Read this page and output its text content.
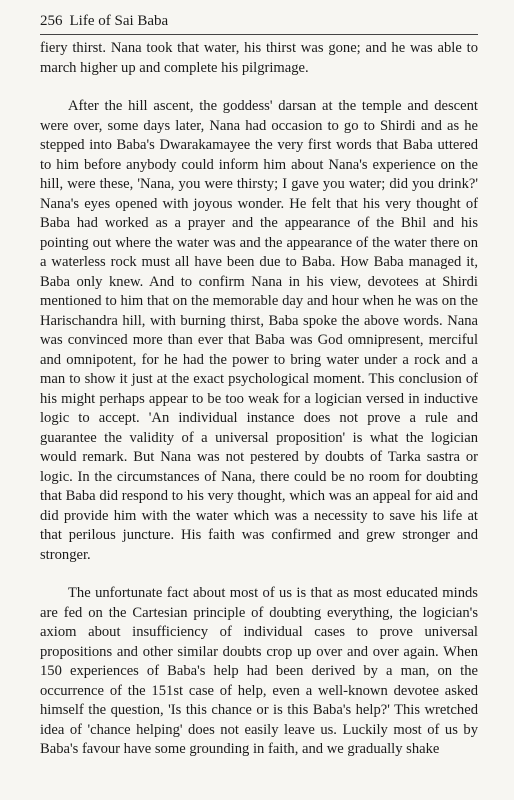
256 Life of Sai Baba

fiery thirst. Nana took that water, his thirst was gone; and he was able to march higher up and complete his pilgrimage.

After the hill ascent, the goddess' darsan at the temple and descent were over, some days later, Nana had occasion to go to Shirdi and as he stepped into Baba's Dwarakamayee the very first words that Baba uttered to him before anybody could inform him about Nana's experience on the hill, were these, 'Nana, you were thirsty; I gave you water; did you drink?' Nana's eyes opened with joyous wonder. He felt that his very thought of Baba had worked as a prayer and the appearance of the Bhil and his pointing out where the water was and the appearance of the water there on a waterless rock must all have been due to Baba. How Baba managed it, Baba only knew. And to confirm Nana in his view, devotees at Shirdi mentioned to him that on the memorable day and hour when he was on the Harischandra hill, with burning thirst, Baba spoke the above words. Nana was convinced more than ever that Baba was God omnipresent, merciful and omnipotent, for he had the power to bring water under a rock and a man to show it just at the exact psychological moment. This conclusion of his might perhaps appear to be too weak for a logician versed in inductive logic to accept. 'An individual instance does not prove a rule and guarantee the validity of a universal proposition' is what the logician would remark. But Nana was not pestered by doubts of Tarka sastra or logic. In the circumstances of Nana, there could be no room for doubting that Baba did respond to his very thought, which was an appeal for aid and did provide him with the water which was a necessity to save his life at that perilous juncture. His faith was confirmed and grew stronger and stronger.

The unfortunate fact about most of us is that as most educated minds are fed on the Cartesian principle of doubting everything, the logician's axiom about insufficiency of individual cases to prove universal propositions and other similar doubts crop up over and over again. When 150 experiences of Baba's help had been derived by a man, on the occurrence of the 151st case of help, even a well-known devotee asked himself the question, 'Is this chance or is this Baba's help?' This wretched idea of 'chance helping' does not easily leave us. Luckily most of us by Baba's favour have some grounding in faith, and we gradually shake
